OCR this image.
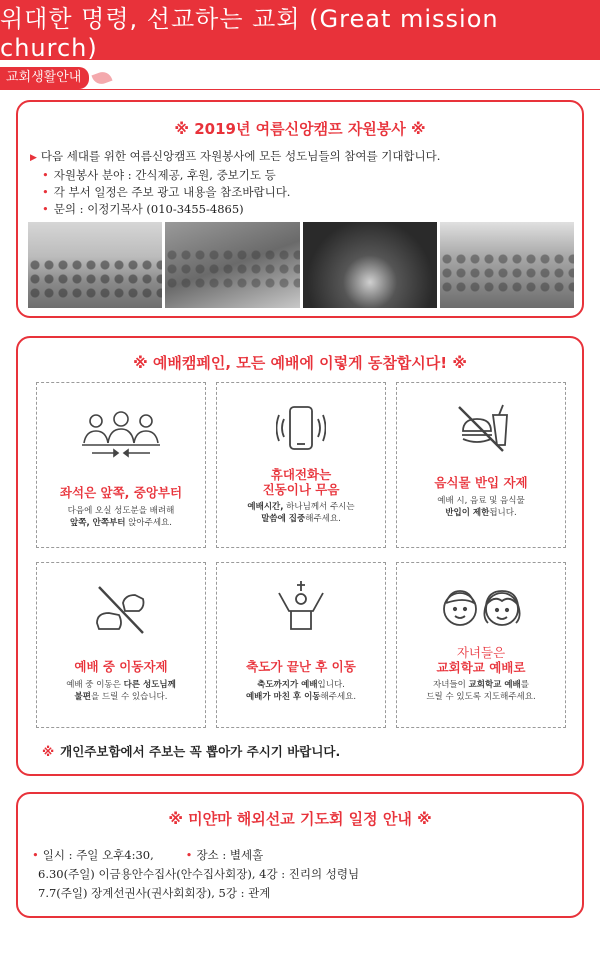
위대한 명령, 선교하는 교회 (Great mission church)
교회생활안내
※ 2019년 여름신앙캠프 자원봉사 ※
▶ 다음 세대를 위한 여름신앙캠프 자원봉사에 모든 성도님들의 참여를 기대합니다.
• 자원봉사 분야 : 간식제공, 후원, 중보기도 등
• 각 부서 일정은 주보 광고 내용을 참조바랍니다.
• 문의 : 이정기목사 (010-3455-4865)
※ 예배캠페인, 모든 예배에 이렇게 동참합시다! ※
좌석은 앞쪽, 중앙부터
다음에 오실 성도분을 배려해
앞쪽, 안쪽부터 앉아주세요.
휴대전화는
진동이나 무음
예배시간, 하나님께서 주시는
말씀에 집중해주세요.
음식물 반입 자제
예배 시, 음료 및 음식물
반입이 제한됩니다.
예배 중 이동자제
예배 중 이동은 다른 성도님께
불편을 드릴 수 있습니다.
축도가 끝난 후 이동
축도까지가 예배입니다.
예배가 마친 후 이동해주세요.
자녀들은
교회학교 예배로
자녀들이 교회학교 예배를
드릴 수 있도록 지도해주세요.
※ 개인주보함에서 주보는 꼭 뽑아가 주시기 바랍니다.
※ 미얀마 해외선교 기도회 일정 안내 ※
• 일시 : 주일 오후4:30, •	장소 : 별세홀
6.30(주일) 이금용안수집사(안수집사회장), 4강 : 진리의 성령님
7.7(주일) 장계선권사(권사회회장), 5강 : 관계
